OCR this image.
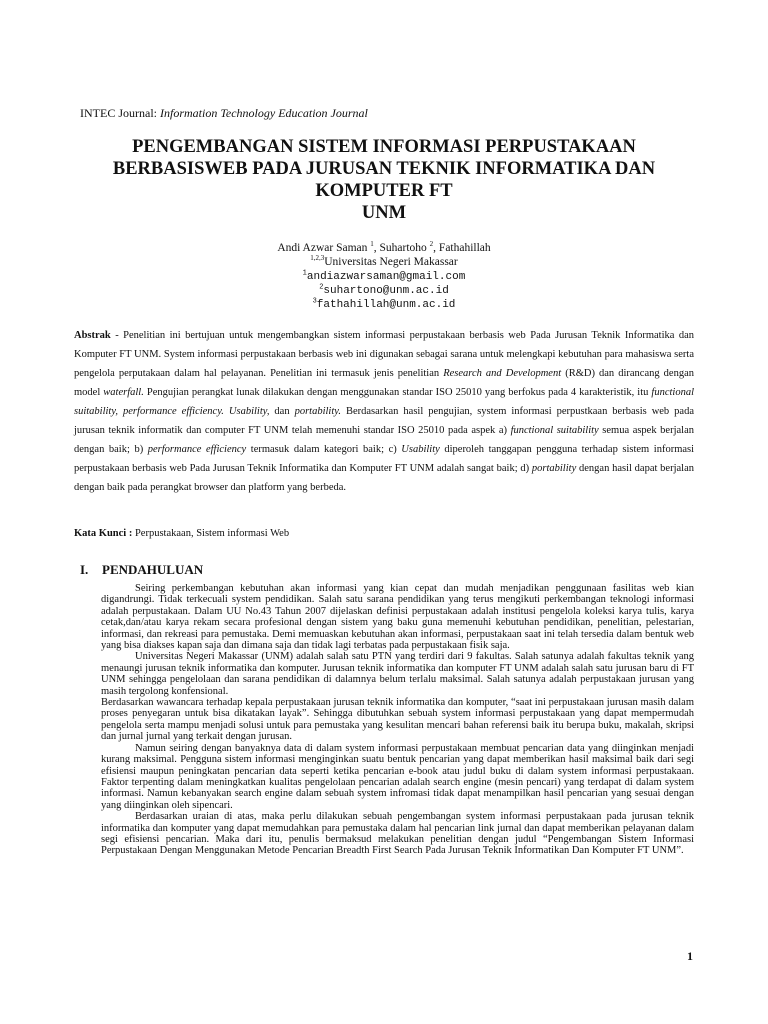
INTEC Journal: Information Technology Education Journal
PENGEMBANGAN SISTEM INFORMASI PERPUSTAKAAN
BERBASISWEB PADA JURUSAN TEKNIK INFORMATIKA DAN
KOMPUTER FT
UNM
Andi Azwar Saman $^1$, Suhartoho $^2$, Fathahillah
$^{1,2,3}$Universitas Negeri Makassar
$^1$andiazwarsaman@gmail.com
$^2$suhartono@unm.ac.id
$^3$fathahillah@unm.ac.id

Abstrak - Penelitian ini bertujuan untuk mengembangkan sistem informasi perpustakaan berbasis web Pada Jurusan Teknik Informatika dan Komputer FT UNM. System informasi perpustakaan berbasis web ini digunakan sebagai sarana untuk melengkapi kebutuhan para mahasiswa serta pengelola perputakaan dalam hal pelayanan. Penelitian ini termasuk jenis penelitian Research and Development (R&D) dan dirancang dengan model waterfall. Pengujian perangkat lunak dilakukan dengan menggunakan standar ISO 25010 yang berfokus pada 4 karakteristik, itu functional suitability, performance efficiency. Usability, dan portability. Berdasarkan hasil pengujian, system informasi perpustkaan berbasis web pada jurusan teknik informatik dan computer FT UNM telah memenuhi standar ISO 25010 pada aspek a) functional suitability semua aspek berjalan dengan baik; b) performance efficiency termasuk dalam kategori baik; c) Usability diperoleh tanggapan pengguna terhadap sistem informasi perpustakaan berbasis web Pada Jurusan Teknik Informatika dan Komputer FT UNM adalah sangat baik; d) portability dengan hasil dapat berjalan dengan baik pada perangkat browser dan platform yang berbeda.

Kata Kunci : Perpustakaan, Sistem informasi Web

I. PENDAHULUAN

Seiring perkembangan kebutuhan akan informasi yang kian cepat dan mudah menjadikan penggunaan fasilitas web kian digandrungi. Tidak terkecuali system pendidikan. Salah satu sarana pendidikan yang terus mengikuti perkembangan teknologi informasi adalah perpustakaan. Dalam UU No.43 Tahun 2007 dijelaskan definisi perpustakaan adalah institusi pengelola koleksi karya tulis, karya cetak,dan/atau karya rekam secara profesional dengan sistem yang baku guna memenuhi kebutuhan pendidikan, penelitian, pelestarian, informasi, dan rekreasi para pemustaka. Demi memuaskan kebutuhan akan informasi, perpustakaan saat ini telah tersedia dalam bentuk web yang bisa diakses kapan saja dan dimana saja dan tidak lagi terbatas pada perpustakaan fisik saja.

Universitas Negeri Makassar (UNM) adalah salah satu PTN yang terdiri dari 9 fakultas. Salah satunya adalah fakultas teknik yang menaungi jurusan teknik informatika dan komputer. Jurusan teknik informatika dan komputer FT UNM adalah salah satu jurusan baru di FT UNM sehingga pengelolaan dan sarana pendidikan di dalamnya belum terlalu maksimal. Salah satunya adalah perpustakaan jurusan yang masih tergolong konfensional.

Berdasarkan wawancara terhadap kepala perpustakaan jurusan teknik informatika dan komputer, “saat ini perpustakaan jurusan masih dalam proses penyegaran untuk bisa dikatakan layak”. Sehingga dibutuhkan sebuah system informasi perpustakaan yang dapat mempermudah pengelola serta mampu menjadi solusi untuk para pemustaka yang kesulitan mencari bahan referensi baik itu berupa buku, makalah, skripsi dan jurnal jurnal yang terkait dengan jurusan.

Namun seiring dengan banyaknya data di dalam system informasi perpustakaan membuat pencarian data yang diinginkan menjadi kurang maksimal. Pengguna sistem informasi menginginkan suatu bentuk pencarian yang dapat memberikan hasil maksimal baik dari segi efisiensi maupun peningkatan pencarian data seperti ketika pencarian e-book atau judul buku di dalam system informasi perpustakaan. Faktor terpenting dalam meningkatkan kualitas pengelolaan pencarian adalah search engine (mesin pencari) yang terdapat di dalam system informasi. Namun kebanyakan search engine dalam sebuah system infromasi tidak dapat menampilkan hasil pencarian yang sesuai dengan yang diinginkan oleh sipencari.

Berdasarkan uraian di atas, maka perlu dilakukan sebuah pengembangan system informasi perpustakaan pada jurusan teknik informatika dan komputer yang dapat memudahkan para pemustaka dalam hal pencarian link jurnal dan dapat memberikan pelayanan dalam segi efisiensi pencarian. Maka dari itu, penulis bermaksud melakukan penelitian dengan judul “Pengembangan Sistem Informasi Perpustakaan Dengan Menggunakan Metode Pencarian Breadth First Search Pada Jurusan Teknik Informatikan Dan Komputer FT UNM”.

1
